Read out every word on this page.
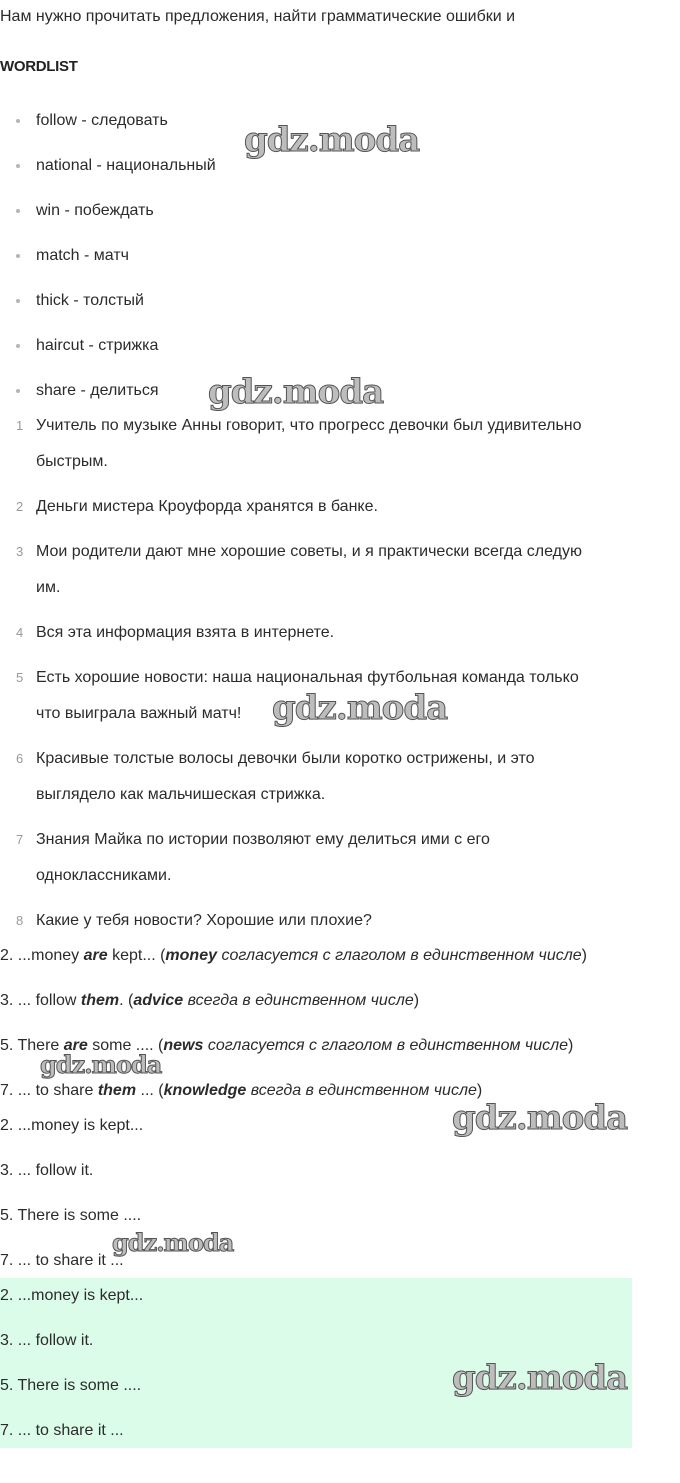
Нам нужно прочитать предложения, найти грамматические ошибки и
WORDLIST
follow - следовать
national - национальный
win - побеждать
match - матч
thick - толстый
haircut - стрижка
share - делиться
1 Учитель по музыке Анны говорит, что прогресс девочки был удивительно
быстрым.
2 Деньги мистера Кроуфорда хранятся в банке.
3 Мои родители дают мне хорошие советы, и я практически всегда следую
им.
4 Вся эта информация взята в интернете.
5 Есть хорошие новости: наша национальная футбольная команда только
что выиграла важный матч!
6 Красивые толстые волосы девочки были коротко острижены, и это
выглядело как мальчишеская стрижка.
7 Знания Майка по истории позволяют ему делиться ими с его
одноклассниками.
8 Какие у тебя новости? Хорошие или плохие?
2. ...money are kept... (money согласуется с глаголом в единственном числе)
3. ... follow them. (advice всегда в единственном числе)
5. There are some .... (news согласуется с глаголом в единственном числе)
7. ... to share them ... (knowledge всегда в единственном числе)
2. ...money is kept...
3. ... follow it.
5. There is some ....
7. ... to share it ...
2. ...money is kept...
3. ... follow it.
5. There is some ....
7. ... to share it ...
gdz.moda
gdz.moda
gdz.moda
gdz.moda
gdz.moda
gdz.moda
gdz.moda
